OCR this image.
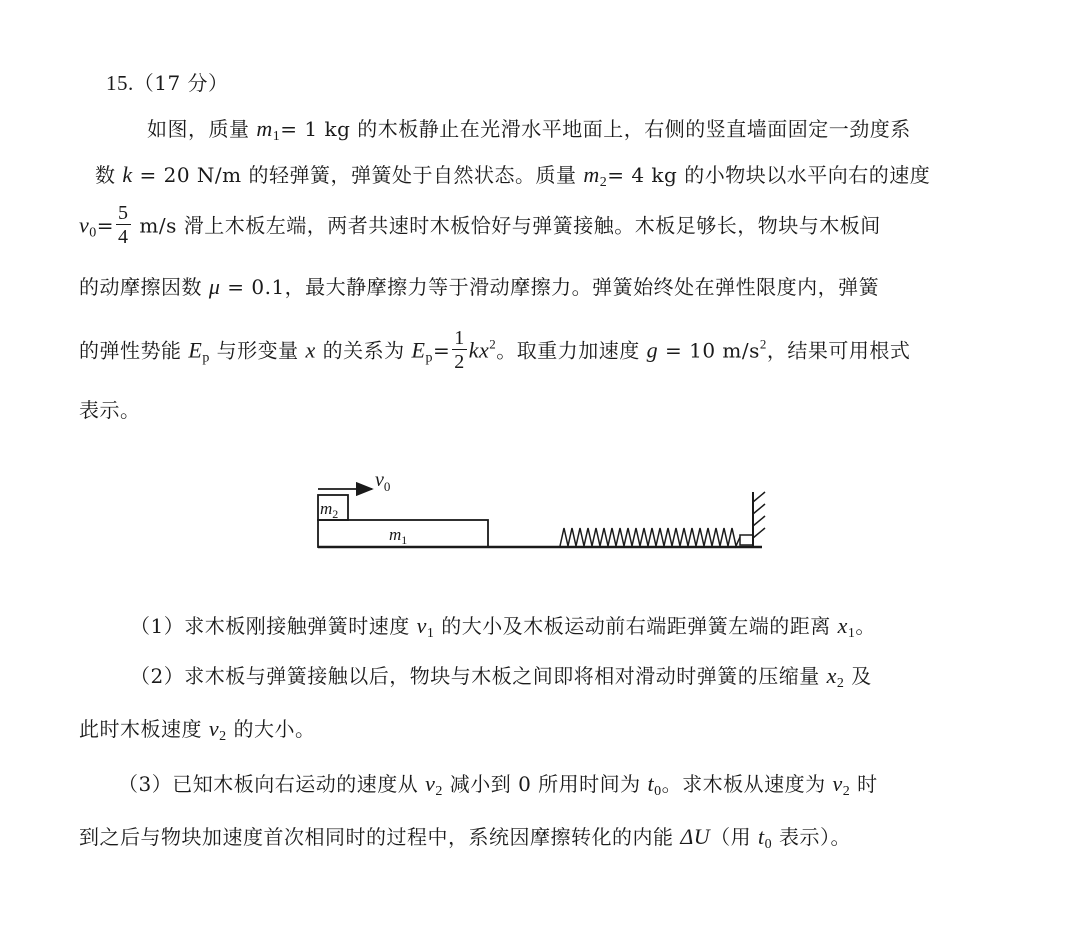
15.（17 分）
如图，质量 $m_1= 1$ kg 的木板静止在光滑水平地面上，右侧的竖直墙面固定一劲度系
数 k = 20 N/m 的轻弹簧，弹簧处于自然状态。质量 $m_2= 4$ kg 的小物块以水平向右的速度
$v_0= \frac{5}{4} m/s$ 滑上木板左端，两者共速时木板恰好与弹簧接触。木板足够长，物块与木板间
的动摩擦因数 μ = 0.1，最大静摩擦力等于滑动摩擦力。弹簧始终处在弹性限度内，弹簧
的弹性势能 $E_p$ 与形变量 x 的关系为 $E_p= \frac{1}{2} kx^2$。取重力加速度 g = 10 $m/s^2$，结果可用根式
表示。
$v_0$
$m_2$
$m_1$
（1）求木板刚接触弹簧时速度 $v_1$ 的大小及木板运动前右端距弹簧左端的距离 $x_1$。
（2）求木板与弹簧接触以后，物块与木板之间即将相对滑动时弹簧的压缩量 $x_2$ 及
此时木板速度 $v_2$ 的大小。
（3）已知木板向右运动的速度从 $v_2$ 减小到 0 所用时间为 $t_0$。求木板从速度为 $v_2$ 时
到之后与物块加速度首次相同时的过程中，系统因摩擦转化的内能 ΔU（用 $t_0$ 表示）。
